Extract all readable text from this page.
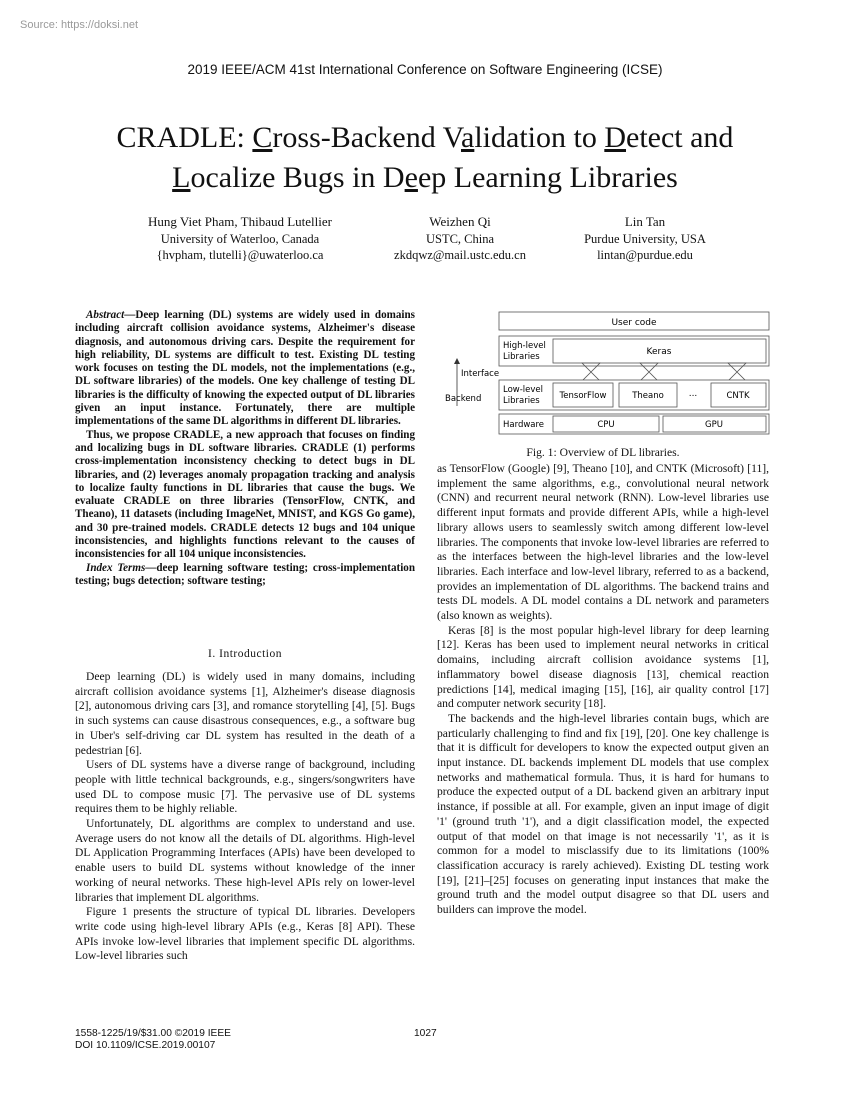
Source: https://doksi.net
2019 IEEE/ACM 41st International Conference on Software Engineering (ICSE)
CRADLE: Cross-Backend Validation to Detect and
Localize Bugs in Deep Learning Libraries
Hung Viet Pham, Thibaud Lutellier
University of Waterloo, Canada
{hvpham, tlutelli}@uwaterloo.ca
Weizhen Qi
USTC, China
zkdqwz@mail.ustc.edu.cn
Lin Tan
Purdue University, USA
lintan@purdue.edu

Abstract—Deep learning (DL) systems are widely used in domains including aircraft collision avoidance systems, Alzheimer's disease diagnosis, and autonomous driving cars. Despite the requirement for high reliability, DL systems are difficult to test. Existing DL testing work focuses on testing the DL models, not the implementations (e.g., DL software libraries) of the models. One key challenge of testing DL libraries is the difficulty of knowing the expected output of DL libraries given an input instance. Fortunately, there are multiple implementations of the same DL algorithms in different DL libraries.

Thus, we propose CRADLE, a new approach that focuses on finding and localizing bugs in DL software libraries. CRADLE (1) performs cross-implementation inconsistency checking to detect bugs in DL libraries, and (2) leverages anomaly propagation tracking and analysis to localize faulty functions in DL libraries that cause the bugs. We evaluate CRADLE on three libraries (TensorFlow, CNTK, and Theano), 11 datasets (including ImageNet, MNIST, and KGS Go game), and 30 pre-trained models. CRADLE detects 12 bugs and 104 unique inconsistencies, and highlights functions relevant to the causes of inconsistencies for all 104 unique inconsistencies.

Index Terms—deep learning software testing; cross-implementation testing; bugs detection; software testing;

I. Introduction

Deep learning (DL) is widely used in many domains, including aircraft collision avoidance systems [1], Alzheimer's disease diagnosis [2], autonomous driving cars [3], and romance storytelling [4], [5]. Bugs in such systems can cause disastrous consequences, e.g., a software bug in Uber's self-driving car DL system has resulted in the death of a pedestrian [6].

Users of DL systems have a diverse range of background, including people with little technical backgrounds, e.g., singers/songwriters have used DL to compose music [7]. The pervasive use of DL systems requires them to be highly reliable.

Unfortunately, DL algorithms are complex to understand and use. Average users do not know all the details of DL algorithms. High-level DL Application Programming Interfaces (APIs) have been developed to enable users to build DL systems without knowledge of the inner working of neural networks. These high-level APIs rely on lower-level libraries that implement DL algorithms.

Figure 1 presents the structure of typical DL libraries. Developers write code using high-level library APIs (e.g., Keras [8] API). These APIs invoke low-level libraries that implement specific DL algorithms. Low-level libraries such

User code
High-level
Libraries	Keras
Interface
Backend
Low-level
Libraries TensorFlow	Theano	...	CNTK
Hardware	CPU	GPU
Fig. 1: Overview of DL libraries.

as TensorFlow (Google) [9], Theano [10], and CNTK (Microsoft) [11], implement the same algorithms, e.g., convolutional neural network (CNN) and recurrent neural network (RNN). Low-level libraries use different input formats and provide different APIs, while a high-level library allows users to seamlessly switch among different low-level libraries. The components that invoke low-level libraries are referred to as the interfaces between the high-level libraries and the low-level libraries. Each interface and low-level library, referred to as a backend, provides an implementation of DL algorithms. The backend trains and tests DL models. A DL model contains a DL network and parameters (also known as weights).

Keras [8] is the most popular high-level library for deep learning [12]. Keras has been used to implement neural networks in critical domains, including aircraft collision avoidance systems [1], inflammatory bowel disease diagnosis [13], chemical reaction predictions [14], medical imaging [15], [16], air quality control [17] and computer network security [18].

The backends and the high-level libraries contain bugs, which are particularly challenging to find and fix [19], [20]. One key challenge is that it is difficult for developers to know the expected output given an input instance. DL backends implement DL models that use complex networks and mathematical formula. Thus, it is hard for humans to produce the expected output of a DL backend given an arbitrary input instance, if possible at all. For example, given an input image of digit '1' (ground truth '1'), and a digit classification model, the expected output of that model on that image is not necessarily '1', as it is common for a model to misclassify due to its limitations (100% classification accuracy is rarely achieved). Existing DL testing work [19], [21]–[25] focuses on generating input instances that make the ground truth and the model output disagree so that DL users and builders can improve the model.

1558-1225/19/$31.00 ©2019 IEEE
DOI 10.1109/ICSE.2019.00107
1027
